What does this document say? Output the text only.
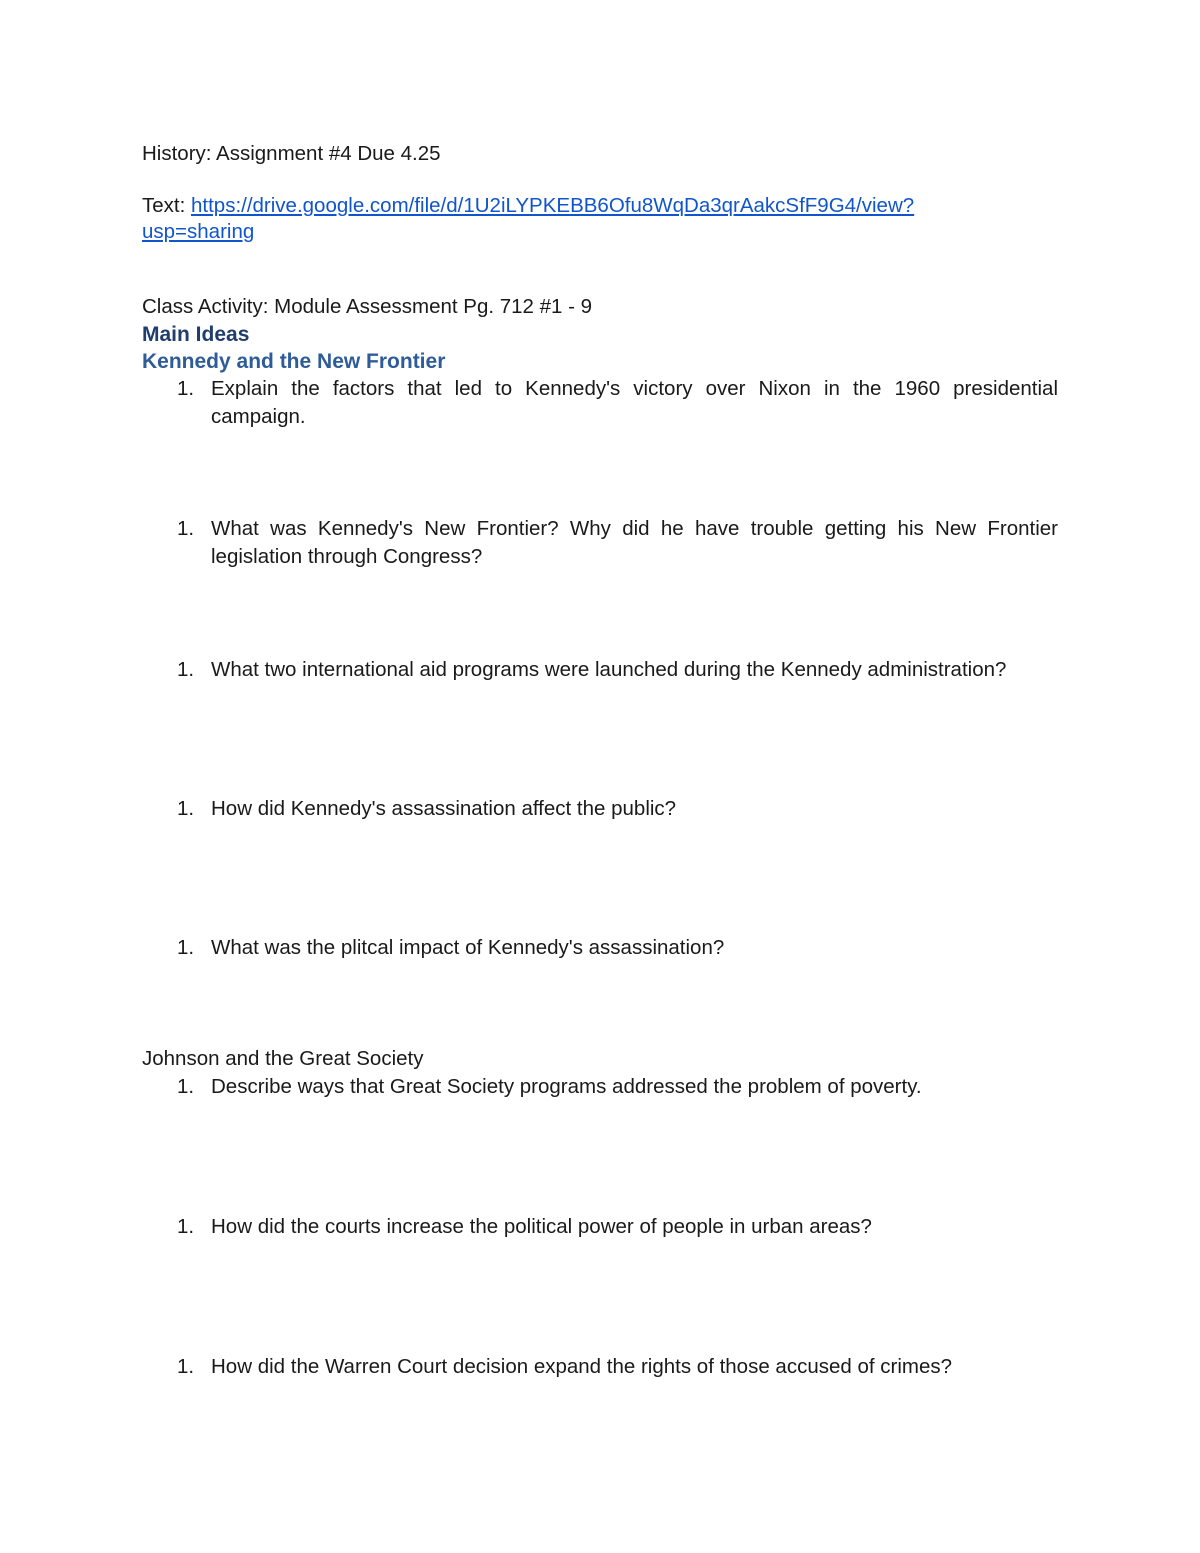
History: Assignment #4 Due 4.25
Text: https://drive.google.com/file/d/1U2iLYPKEBB6Ofu8WqDa3qrAakcSfF9G4/view?
usp=sharing
Class Activity: Module Assessment Pg. 712 #1 - 9
Main Ideas
Kennedy and the New Frontier
1. Explain the factors that led to Kennedy's victory over Nixon in the 1960 presidential campaign.
1. What was Kennedy's New Frontier? Why did he have trouble getting his New Frontier legislation through Congress?
1. What two international aid programs were launched during the Kennedy administration?
1. How did Kennedy's assassination affect the public?
1. What was the plitcal impact of Kennedy's assassination?
Johnson and the Great Society
1. Describe ways that Great Society programs addressed the problem of poverty.
1. How did the courts increase the political power of people in urban areas?
1. How did the Warren Court decision expand the rights of those accused of crimes?
